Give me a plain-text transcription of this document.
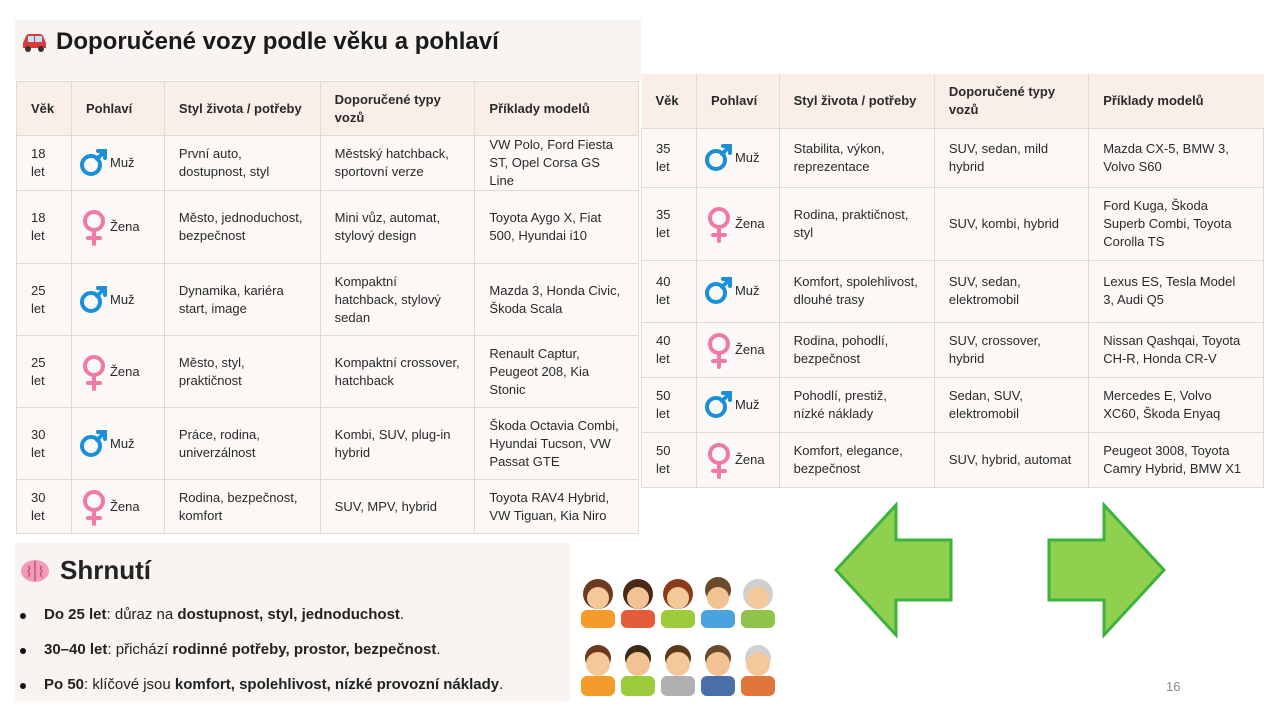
Doporučené vozy podle věku a pohlaví
Věk	Pohlaví	Styl života / potřeby	Doporučené typy vozů	Příklady modelů
18 let	Muž	První auto, dostupnost, styl	Městský hatchback, sportovní verze	VW Polo, Ford Fiesta ST, Opel Corsa GS Line
18 let	Žena	Město, jednoduchost, bezpečnost	Mini vůz, automat, stylový design	Toyota Aygo X, Fiat 500, Hyundai i10
25 let	Muž	Dynamika, kariéra start, image	Kompaktní hatchback, stylový sedan	Mazda 3, Honda Civic, Škoda Scala
25 let	Žena	Město, styl, praktičnost	Kompaktní crossover, hatchback	Renault Captur, Peugeot 208, Kia Stonic
30 let	Muž	Práce, rodina, univerzálnost	Kombi, SUV, plug-in hybrid	Škoda Octavia Combi, Hyundai Tucson, VW Passat GTE
30 let	Žena	Rodina, bezpečnost, komfort	SUV, MPV, hybrid	Toyota RAV4 Hybrid, VW Tiguan, Kia Niro
Věk	Pohlaví	Styl života / potřeby	Doporučené typy vozů	Příklady modelů
35 let	Muž	Stabilita, výkon, reprezentace	SUV, sedan, mild hybrid	Mazda CX-5, BMW 3, Volvo S60
35 let	Žena	Rodina, praktičnost, styl	SUV, kombi, hybrid	Ford Kuga, Škoda Superb Combi, Toyota Corolla TS
40 let	Muž	Komfort, spolehlivost, dlouhé trasy	SUV, sedan, elektromobil	Lexus ES, Tesla Model 3, Audi Q5
40 let	Žena	Rodina, pohodlí, bezpečnost	SUV, crossover, hybrid	Nissan Qashqai, Toyota CH-R, Honda CR-V
50 let	Muž	Pohodlí, prestiž, nízké náklady	Sedan, SUV, elektromobil	Mercedes E, Volvo XC60, Škoda Enyaq
50 let	Žena	Komfort, elegance, bezpečnost	SUV, hybrid, automat	Peugeot 3008, Toyota Camry Hybrid, BMW X1
Shrnutí
Do 25 let: důraz na dostupnost, styl, jednoduchost.
30–40 let: přichází rodinné potřeby, prostor, bezpečnost.
Po 50: klíčové jsou komfort, spolehlivost, nízké provozní náklady.	16
